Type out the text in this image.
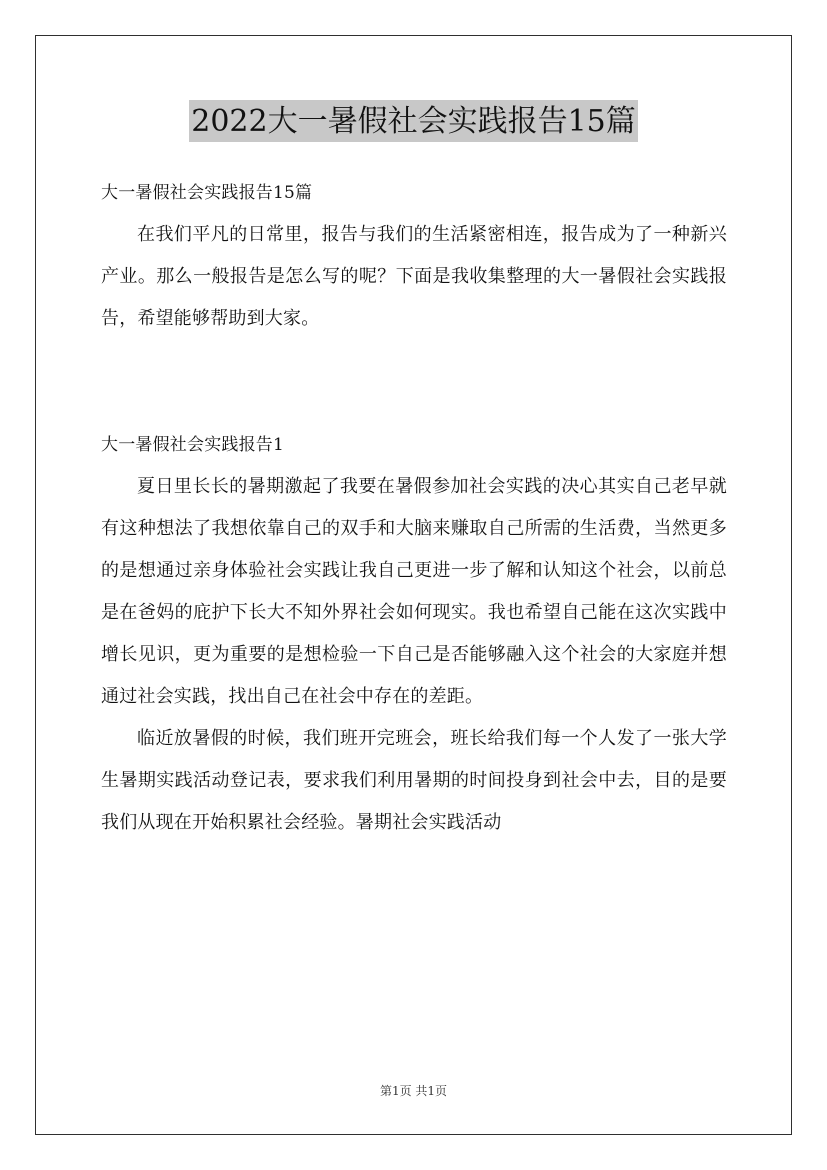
2022大一暑假社会实践报告15篇

大一暑假社会实践报告15篇

在我们平凡的日常里，报告与我们的生活紧密相连，报告成为了一种新兴产业。那么一般报告是怎么写的呢？下面是我收集整理的大一暑假社会实践报告，希望能够帮助到大家。

大一暑假社会实践报告1

夏日里长长的暑期激起了我要在暑假参加社会实践的决心其实自己老早就有这种想法了我想依靠自己的双手和大脑来赚取自己所需的生活费，当然更多的是想通过亲身体验社会实践让我自己更进一步了解和认知这个社会，以前总是在爸妈的庇护下长大不知外界社会如何现实。我也希望自己能在这次实践中增长见识，更为重要的是想检验一下自己是否能够融入这个社会的大家庭并想通过社会实践，找出自己在社会中存在的差距。

临近放暑假的时候，我们班开完班会，班长给我们每一个人发了一张大学生暑期实践活动登记表，要求我们利用暑期的时间投身到社会中去，目的是要我们从现在开始积累社会经验。暑期社会实践活动

第1页 共1页
